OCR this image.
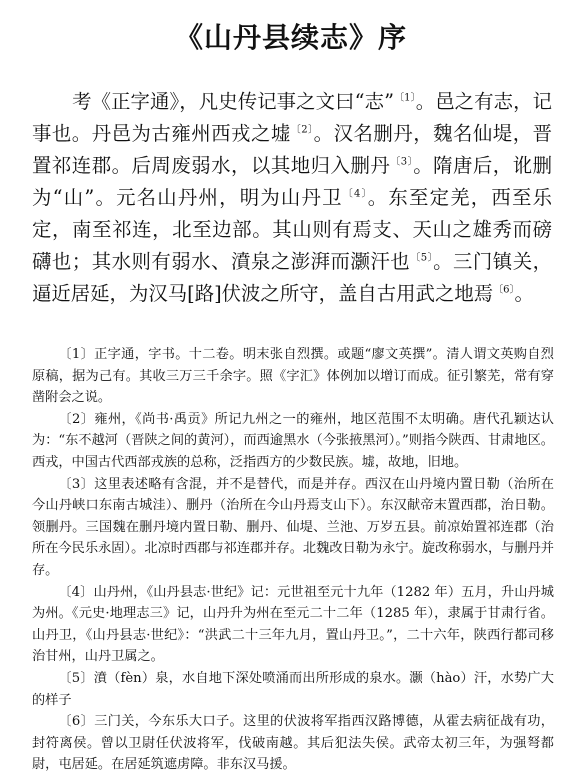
《山丹县续志》序

考《正字通》，凡史传记事之文曰“志”$^{〔1〕}$。邑之有志，记事也。丹邑为古雍州西戎之墟$^{〔2〕}$。汉名删丹，魏名仙堤，晋置祁连郡。后周废弱水，以其地归入删丹$^{〔3〕}$。隋唐后，讹删为“山”。元名山丹州，明为山丹卫$^{〔4〕}$。东至定羌，西至乐定，南至祁连，北至边部。其山则有焉支、天山之雄秀而磅礴也；其水则有弱水、濆泉之澎湃而灏汗也$^{〔5〕}$。三门镇关，逼近居延，为汉马[路]伏波之所守，盖自古用武之地焉$^{〔6〕}$。

〔1〕正字通，字书。十二卷。明末张自烈撰。或题“廖文英撰”。清人谓文英购自烈原稿，据为己有。其收三万三千余字。照《字汇》体例加以增订而成。征引繁芜，常有穿凿附会之说。

〔2〕雍州，《尚书·禹贡》所记九州之一的雍州，地区范围不太明确。唐代孔颖达认为：“东不越河（晋陕之间的黄河），而西逾黑水（今张掖黑河）。”则指今陕西、甘肃地区。西戎，中国古代西部戎族的总称，泛指西方的少数民族。墟，故地，旧地。

〔3〕这里表述略有含混，并不是替代，而是并存。西汉在山丹境内置日勒（治所在今山丹峡口东南古城洼）、删丹（治所在今山丹焉支山下）。东汉献帝末置西郡，治日勒。领删丹。三国魏在删丹境内置日勒、删丹、仙堤、兰池、万岁五县。前凉始置祁连郡（治所在今民乐永固）。北凉时西郡与祁连郡并存。北魏改日勒为永宁。旋改称弱水，与删丹并存。

〔4〕山丹州，《山丹县志·世纪》记：元世祖至元十九年（1282 年）五月，升山丹城为州。《元史·地理志三》记，山丹升为州在至元二十二年（1285 年），隶属于甘肃行省。山丹卫，《山丹县志·世纪》：“洪武二十三年九月，置山丹卫。”，二十六年，陕西行都司移治甘州，山丹卫属之。

〔5〕濆（fèn）泉，水自地下深处喷涌而出所形成的泉水。灏（hào）汗，水势广大的样子

〔6〕三门关，今东乐大口子。这里的伏波将军指西汉路博德，从霍去病征战有功，封符离侯。曾以卫尉任伏波将军，伐破南越。其后犯法失侯。武帝太初三年，为强弩都尉，屯居延。在居延筑遮虏障。非东汉马援。
